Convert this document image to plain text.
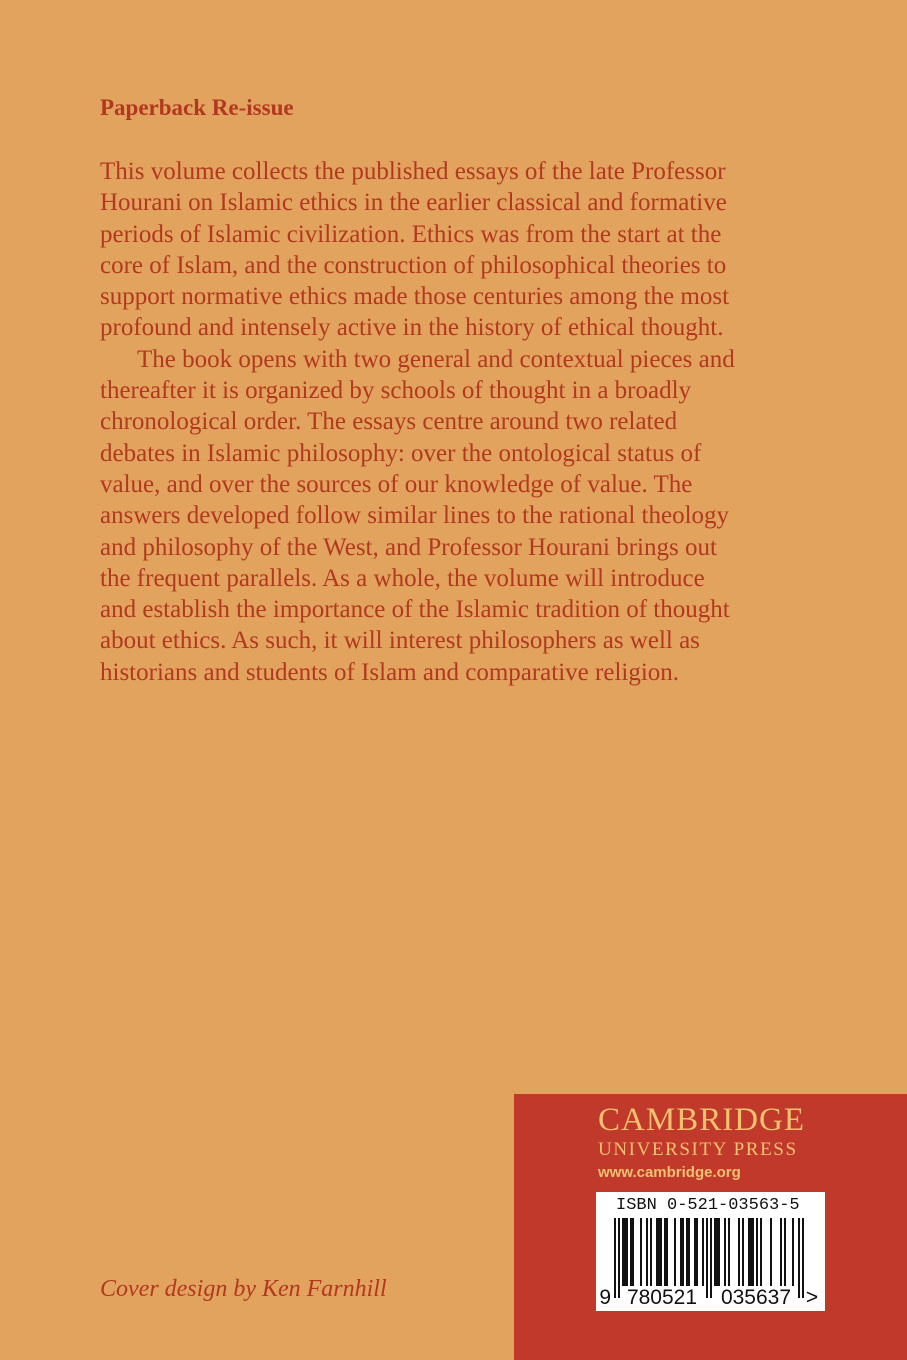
Paperback Re-issue

This volume collects the published essays of the late Professor
Hourani on Islamic ethics in the earlier classical and formative
periods of Islamic civilization. Ethics was from the start at the
core of Islam, and the construction of philosophical theories to
support normative ethics made those centuries among the most
profound and intensely active in the history of ethical thought.

The book opens with two general and contextual pieces and
thereafter it is organized by schools of thought in a broadly
chronological order. The essays centre around two related
debates in Islamic philosophy: over the ontological status of
value, and over the sources of our knowledge of value. The
answers developed follow similar lines to the rational theology
and philosophy of the West, and Professor Hourani brings out
the frequent parallels. As a whole, the volume will introduce
and establish the importance of the Islamic tradition of thought
about ethics. As such, it will interest philosophers as well as
historians and students of Islam and comparative religion.

Cover design by Ken Farnhill
CAMBRIDGE
UNIVERSITY PRESS
www.cambridge.org
ISBN 0-521-03563-5
9 780521 035637 >
